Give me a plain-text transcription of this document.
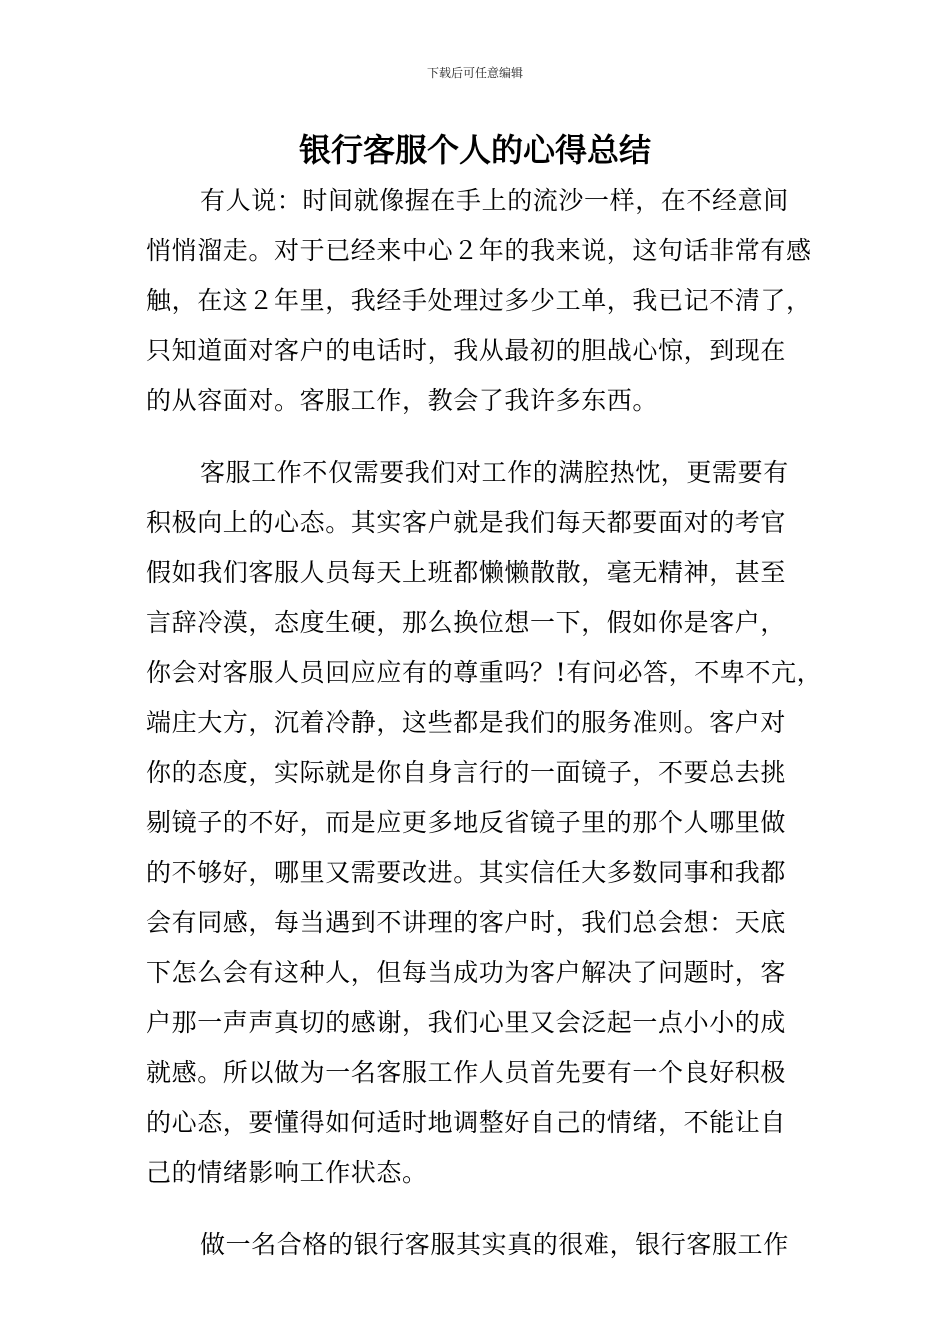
下载后可任意编辑
银行客服个人的心得总结
有人说：时间就像握在手上的流沙一样，在不经意间
悄悄溜走。对于已经来中心２年的我来说，这句话非常有感
触，在这２年里，我经手处理过多少工单，我已记不清了，
只知道面对客户的电话时，我从最初的胆战心惊，到现在
的从容面对。客服工作，教会了我许多东西。
客服工作不仅需要我们对工作的满腔热忱，更需要有
积极向上的心态。其实客户就是我们每天都要面对的考官
假如我们客服人员每天上班都懒懒散散，毫无精神，甚至
言辞冷漠，态度生硬，那么换位想一下，假如你是客户，
你会对客服人员回应应有的尊重吗？!有问必答，不卑不亢，
端庄大方，沉着冷静，这些都是我们的服务准则。客户对
你的态度，实际就是你自身言行的一面镜子，不要总去挑
剔镜子的不好，而是应更多地反省镜子里的那个人哪里做
的不够好，哪里又需要改进。其实信任大多数同事和我都
会有同感，每当遇到不讲理的客户时，我们总会想：天底
下怎么会有这种人，但每当成功为客户解决了问题时，客
户那一声声真切的感谢，我们心里又会泛起一点小小的成
就感。所以做为一名客服工作人员首先要有一个良好积极
的心态，要懂得如何适时地调整好自己的情绪，不能让自
己的情绪影响工作状态。
做一名合格的银行客服其实真的很难，银行客服工作
